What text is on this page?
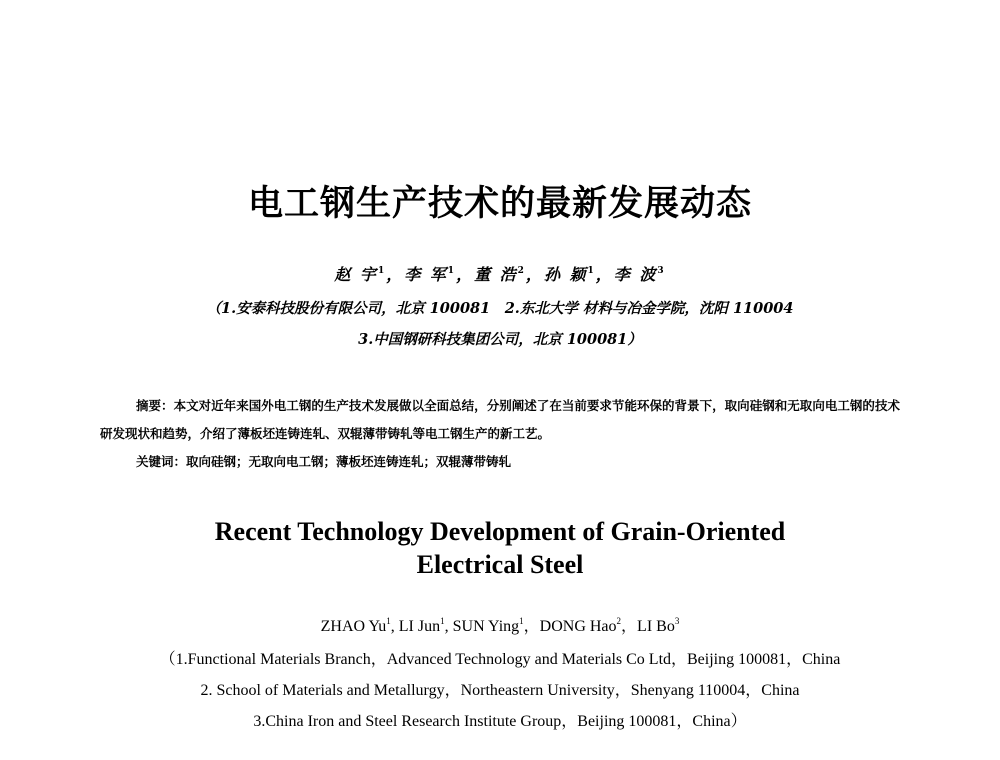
电工钢生产技术的最新发展动态
赵 宇$^1$，李 军$^1$，董 浩$^2$，孙 颖$^1$，李 波$^3$
（1.安泰科技股份有限公司，北京 100081　2.东北大学 材料与冶金学院，沈阳 110004
3.中国钢研科技集团公司，北京 100081）

摘要：本文对近年来国外电工钢的生产技术发展做以全面总结，分别阐述了在当前要求节能环保的背景下，取向硅钢和无取向电工钢的技术研发现状和趋势，介绍了薄板坯连铸连轧、双辊薄带铸轧等电工钢生产的新工艺。

关键词：取向硅钢；无取向电工钢；薄板坯连铸连轧；双辊薄带铸轧

Recent Technology Development of Grain-Oriented
Electrical Steel
ZHAO Yu$^1$, LI Jun$^1$, SUN Ying$^1$，DONG Hao$^2$，LI Bo$^3$
（1.Functional Materials Branch，Advanced Technology and Materials Co Ltd，Beijing 100081，China
2. School of Materials and Metallurgy，Northeastern University，Shenyang 110004，China
3.China Iron and Steel Research Institute Group，Beijing 100081，China）
